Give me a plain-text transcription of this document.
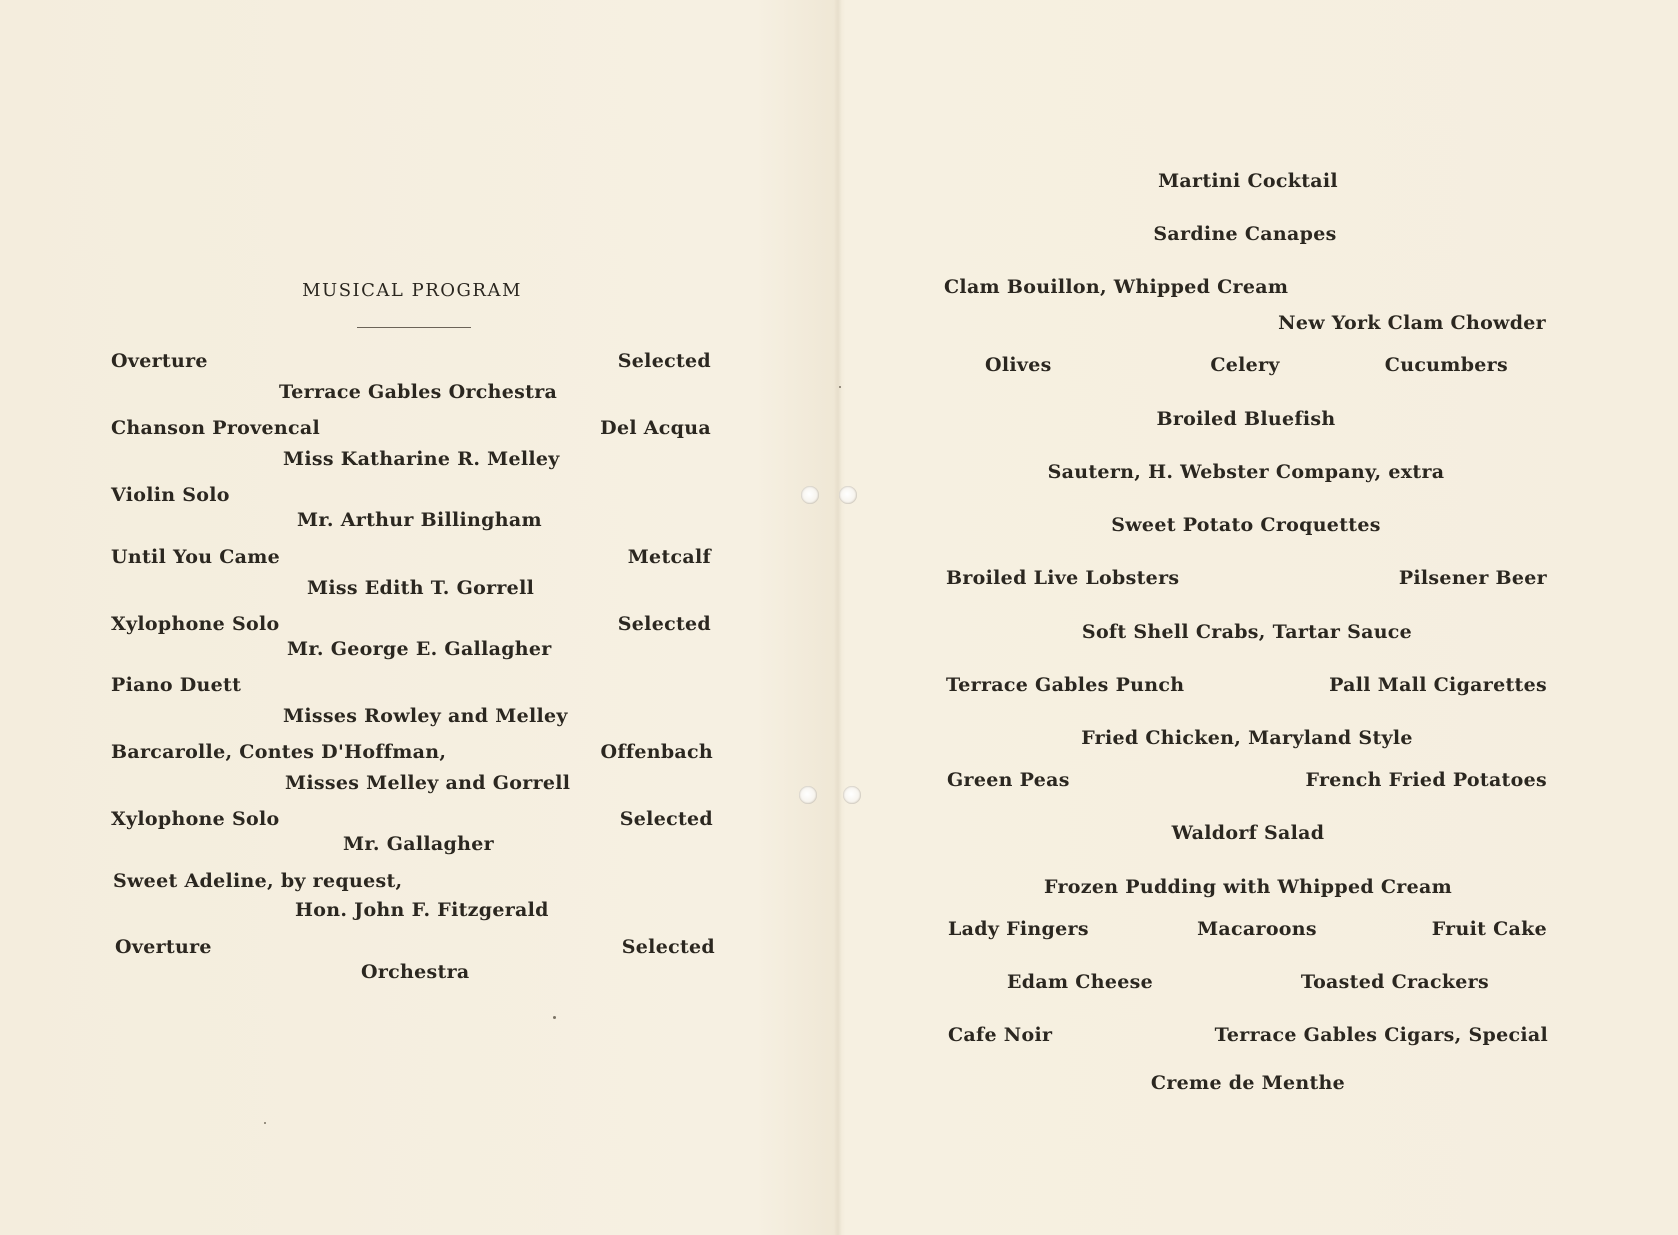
MUSICAL PROGRAM
Overture	Selected
Terrace Gables Orchestra
Chanson Provencal	Del Acqua
Miss Katharine R. Melley
Violin Solo
Mr. Arthur Billingham
Until You Came	Metcalf
Miss Edith T. Gorrell
Xylophone Solo	Selected
Mr. George E. Gallagher
Piano Duett
Misses Rowley and Melley
Barcarolle, Contes D'Hoffman,	Offenbach
Misses Melley and Gorrell
Xylophone Solo	Selected
Mr. Gallagher
Sweet Adeline, by request,
Hon. John F. Fitzgerald
Overture	Selected
Orchestra
Martini Cocktail
Sardine Canapes
Clam Bouillon, Whipped Cream
New York Clam Chowder
Olives	Celery	Cucumbers
Broiled Bluefish
Sautern, H. Webster Company, extra
Sweet Potato Croquettes
Broiled Live Lobsters	Pilsener Beer
Soft Shell Crabs, Tartar Sauce
Terrace Gables Punch	Pall Mall Cigarettes
Fried Chicken, Maryland Style
Green Peas	French Fried Potatoes
Waldorf Salad
Frozen Pudding with Whipped Cream
Lady Fingers	Macaroons	Fruit Cake
Edam Cheese	Toasted Crackers
Cafe Noir	Terrace Gables Cigars, Special
Creme de Menthe
